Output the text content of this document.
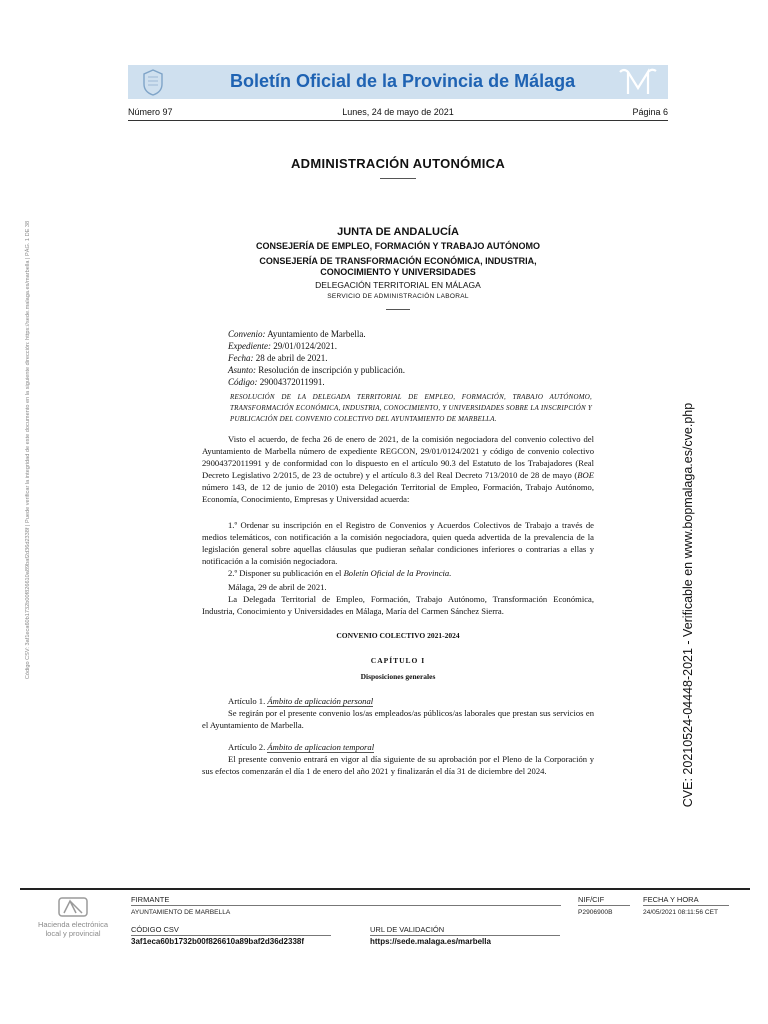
Boletín Oficial de la Provincia de Málaga
Número 97	Lunes, 24 de mayo de 2021	Página 6
ADMINISTRACIÓN AUTONÓMICA
JUNTA DE ANDALUCÍA
CONSEJERÍA DE EMPLEO, FORMACIÓN Y TRABAJO AUTÓNOMO
CONSEJERÍA DE TRANSFORMACIÓN ECONÓMICA, INDUSTRIA,
CONOCIMIENTO Y UNIVERSIDADES
DELEGACIÓN TERRITORIAL EN MÁLAGA
SERVICIO DE ADMINISTRACIÓN LABORAL
Convenio: Ayuntamiento de Marbella.
Expediente: 29/01/0124/2021.
Fecha: 28 de abril de 2021.
Asunto: Resolución de inscripción y publicación.
Código: 29004372011991.
RESOLUCIÓN DE LA DELEGADA TERRITORIAL DE EMPLEO, FORMACIÓN, TRABAJO AUTÓNOMO, TRANSFORMACIÓN ECONÓMICA, INDUSTRIA, CONOCIMIENTO, Y UNIVERSIDADES SOBRE LA INSCRIPCIÓN Y PUBLICACIÓN DEL CONVENIO COLECTIVO DEL AYUNTAMIENTO DE MARBELLA.
Visto el acuerdo, de fecha 26 de enero de 2021, de la comisión negociadora del convenio colectivo del Ayuntamiento de Marbella número de expediente REGCON, 29/01/0124/2021 y código de convenio colectivo 29004372011991 y de conformidad con lo dispuesto en el artículo 90.3 del Estatuto de los Trabajadores (Real Decreto Legislativo 2/2015, de 23 de octubre) y el artículo 8.3 del Real Decreto 713/2010 de 28 de mayo (BOE número 143, de 12 de junio de 2010) esta Delegación Territorial de Empleo, Formación, Trabajo Autónomo, Economía, Conocimiento, Empresas y Universidad acuerda:
1.º Ordenar su inscripción en el Registro de Convenios y Acuerdos Colectivos de Trabajo a través de medios telemáticos, con notificación a la comisión negociadora, quien queda advertida de la prevalencia de la legislación general sobre aquellas cláusulas que pudieran señalar condiciones inferiores o contrarias a ellas y notificación a la comisión negociadora.
2.º Disponer su publicación en el Boletín Oficial de la Provincia.
Málaga, 29 de abril de 2021.
La Delegada Territorial de Empleo, Formación, Trabajo Autónomo, Transformación Económica, Industria, Conocimiento y Universidades en Málaga, María del Carmen Sánchez Sierra.
CONVENIO COLECTIVO 2021-2024
CAPÍTULO I
Disposiciones generales
Artículo 1. Ámbito de aplicación personal
Se regirán por el presente convenio los/as empleados/as públicos/as laborales que prestan sus servicios en el Ayuntamiento de Marbella.
Artículo 2. Ámbito de aplicacion temporal
El presente convenio entrará en vigor al día siguiente de su aprobación por el Pleno de la Corporación y sus efectos comenzarán el día 1 de enero del año 2021 y finalizarán el día 31 de diciembre del 2024.
Código CSV: 3af1eca60b1732b00f826610a89baf2d36d2338f | Puede verificar la integridad de este documento en la siguiente dirección: https://sede.malaga.es/marbella | PÁG. 1 DE 38	CVE: 20210524-04448-2021 - Verificable en www.bopmalaga.es/cve.php
Hacienda electrónica
local y provincial
FIRMANTE
AYUNTAMIENTO DE MARBELLA
NIF/CIF
P2906900B
FECHA Y HORA
24/05/2021 08:11:56 CET
CÓDIGO CSV
3af1eca60b1732b00f826610a89baf2d36d2338f
URL DE VALIDACIÓN
https://sede.malaga.es/marbella
